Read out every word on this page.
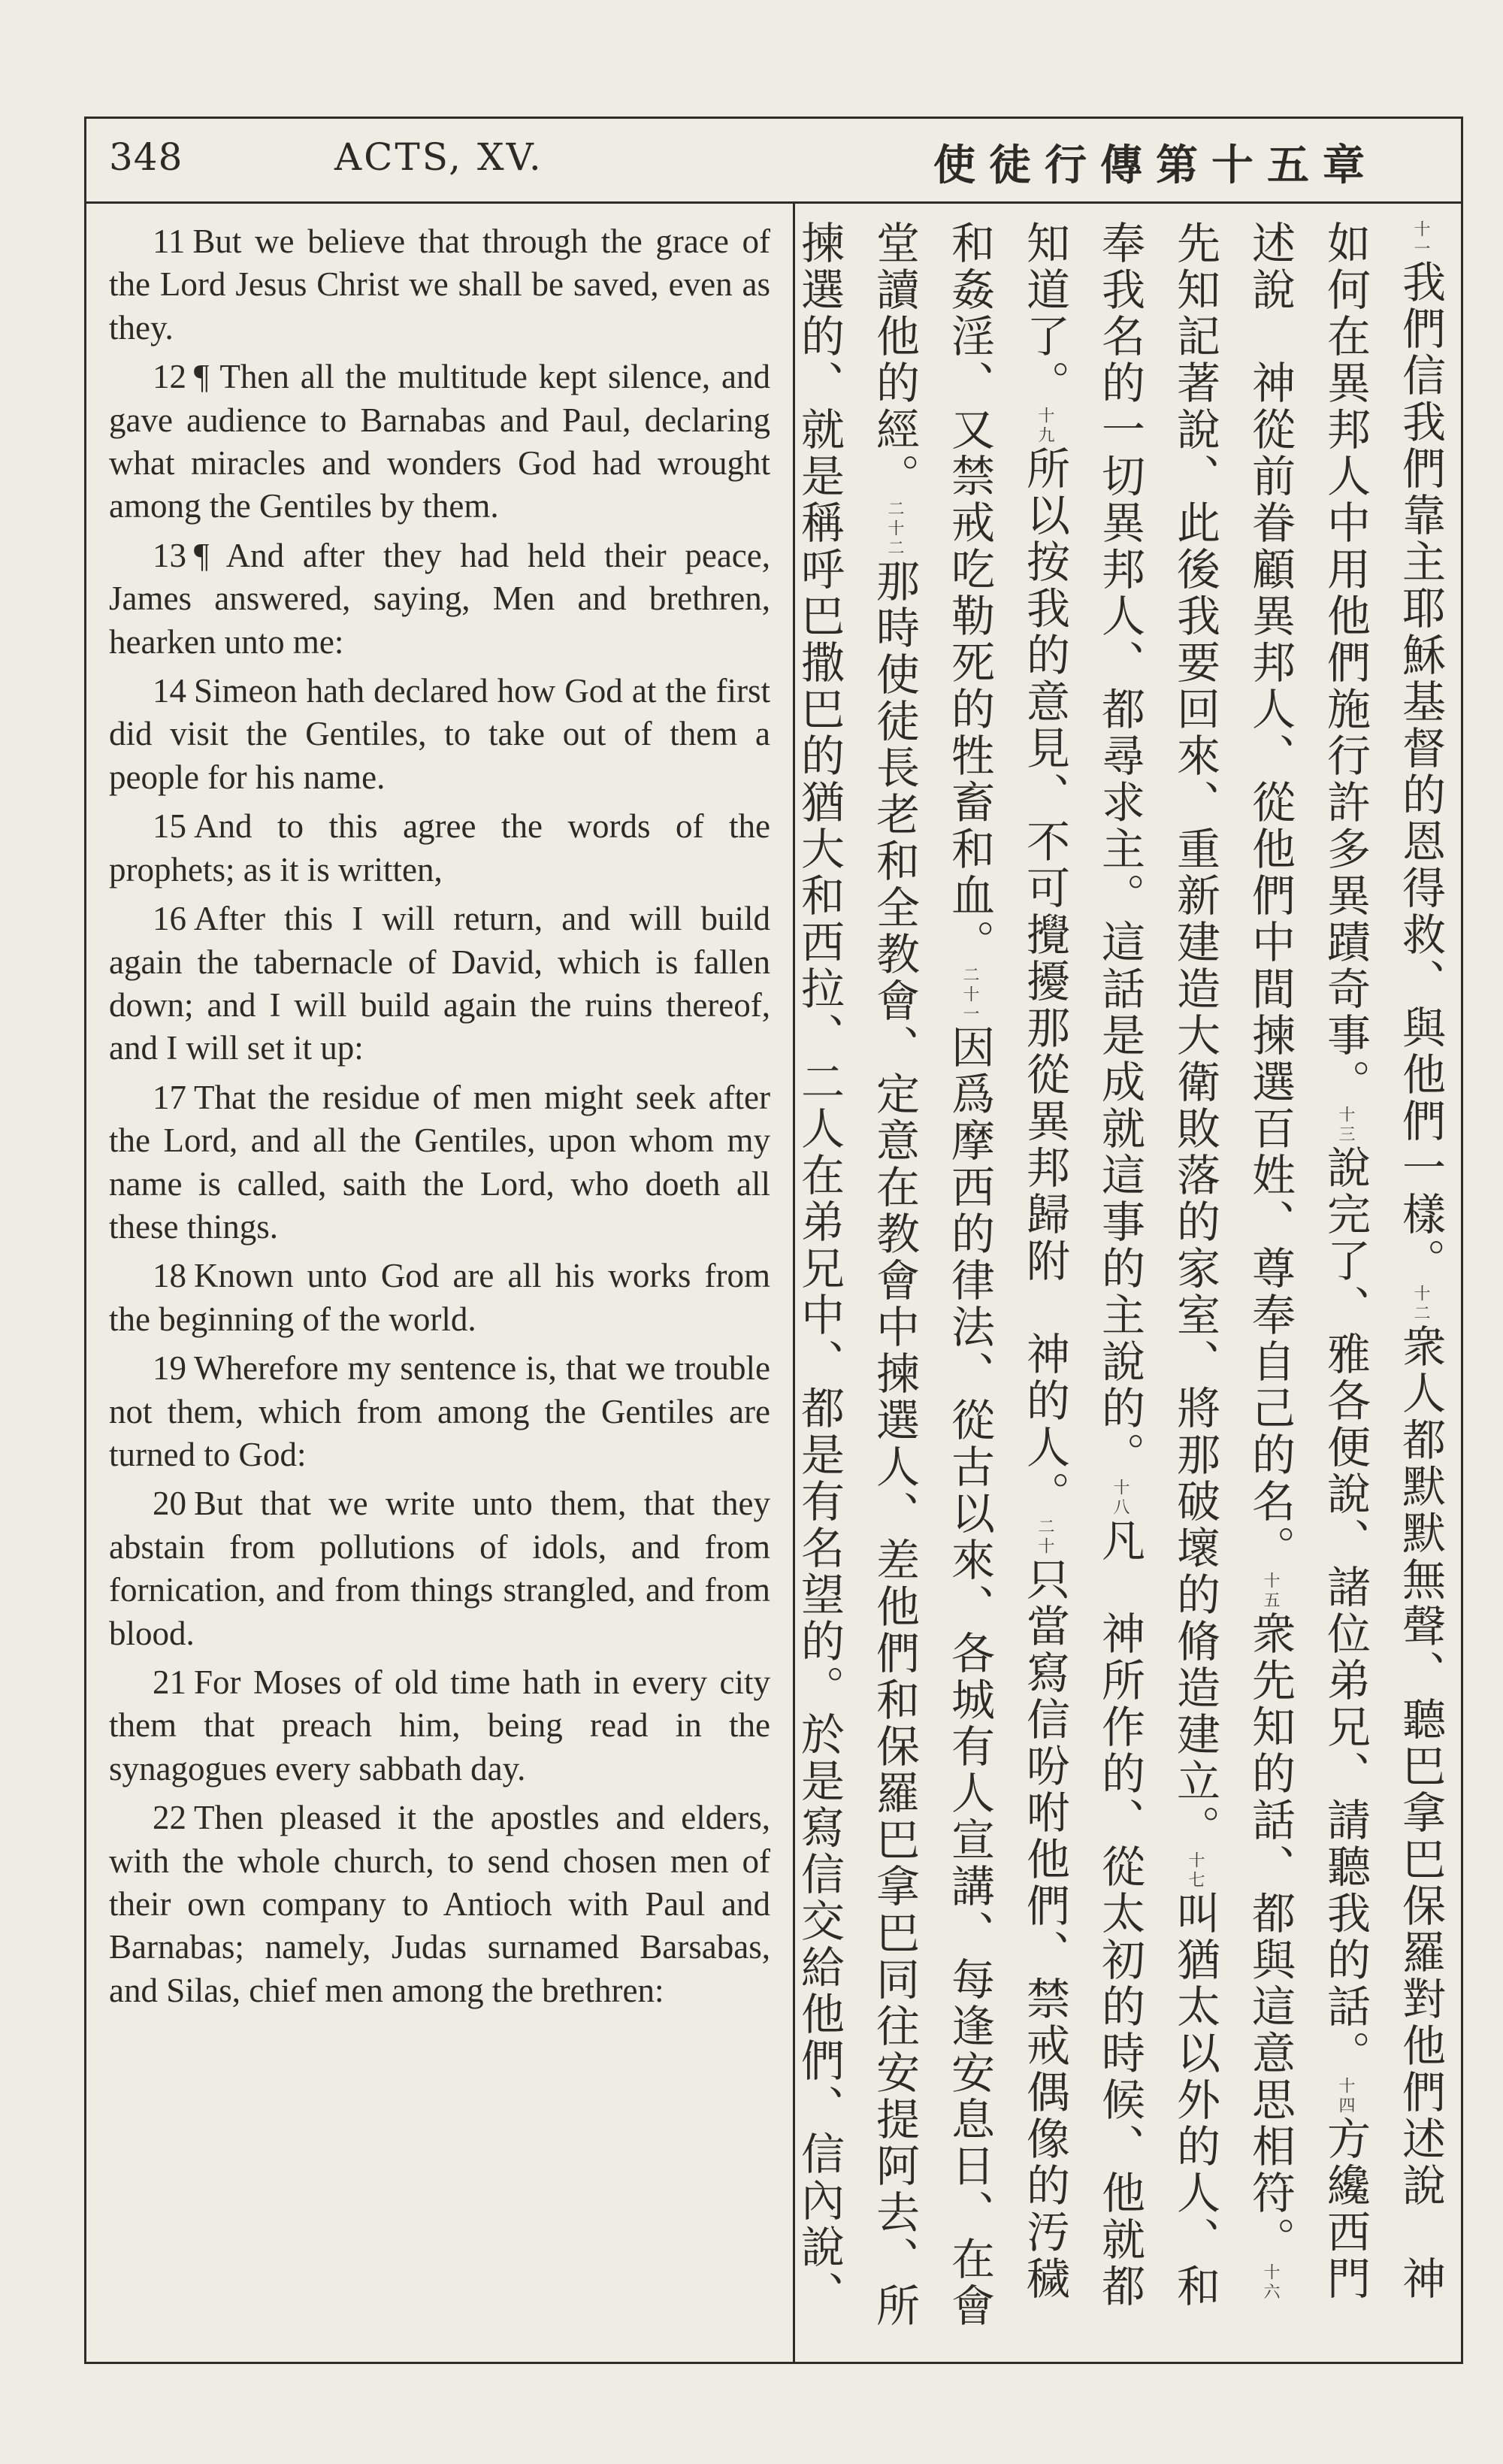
348	ACTS, XV.	使徒行傳第十五章

11 But we believe that through the grace of the Lord Jesus Christ we shall be saved, even as they.

12 ¶ Then all the multitude kept silence, and gave audience to Barnabas and Paul, declaring what miracles and wonders God had wrought among the Gentiles by them.

13 ¶ And after they had held their peace, James answered, saying, Men and brethren, hearken unto me:

14 Simeon hath declared how God at the first did visit the Gentiles, to take out of them a people for his name.

15 And to this agree the words of the prophets; as it is written,

16 After this I will return, and will build again the tabernacle of David, which is fallen down; and I will build again the ruins thereof, and I will set it up:

17 That the residue of men might seek after the Lord, and all the Gentiles, upon whom my name is called, saith the Lord, who doeth all these things.

18 Known unto God are all his works from the beginning of the world.

19 Wherefore my sentence is, that we trouble not them, which from among the Gentiles are turned to God:

20 But that we write unto them, that they abstain from pollutions of idols, and from fornication, and from things strangled, and from blood.

21 For Moses of old time hath in every city them that preach him, being read in the synagogues every sabbath day.

22 Then pleased it the apostles and elders, with the whole church, to send chosen men of their own company to Antioch with Paul and Barnabas; namely, Judas surnamed Barsabas, and Silas, chief men among the brethren:

十一我們信我們靠主耶穌基督的恩得救、與他們一樣。十二衆人都默默無聲、聽巴拿巴保羅對他們述說　神如何在異邦人中用他們施行許多異蹟奇事。十三說完了、雅各便說、諸位弟兄、請聽我的話。十四方纔西門述說　神從前眷顧異邦人、從他們中間揀選百姓、尊奉自己的名。十五衆先知的話、都與這意思相符。十六先知記著說、此後我要回來、重新建造大衛敗落的家室、將那破壞的脩造建立。十七叫猶太以外的人、和奉我名的一切異邦人、都尋求主。這話是成就這事的主說的。十八凡　神所作的、從太初的時候、他就都知道了。十九所以按我的意見、不可攪擾那從異邦歸附　神的人。二十只當寫信吩咐他們、禁戒偶像的汚穢和姦淫、又禁戒吃勒死的牲畜和血。二十一因爲摩西的律法、從古以來、各城有人宣講、每逢安息日、在會堂讀他的經。二十二那時使徒長老和全教會、定意在教會中揀選人、差他們和保羅巴拿巴同往安提阿去、所揀選的、就是稱呼巴撒巴的猶大和西拉、二人在弟兄中、都是有名望的。於是寫信交給他們、信內說、
